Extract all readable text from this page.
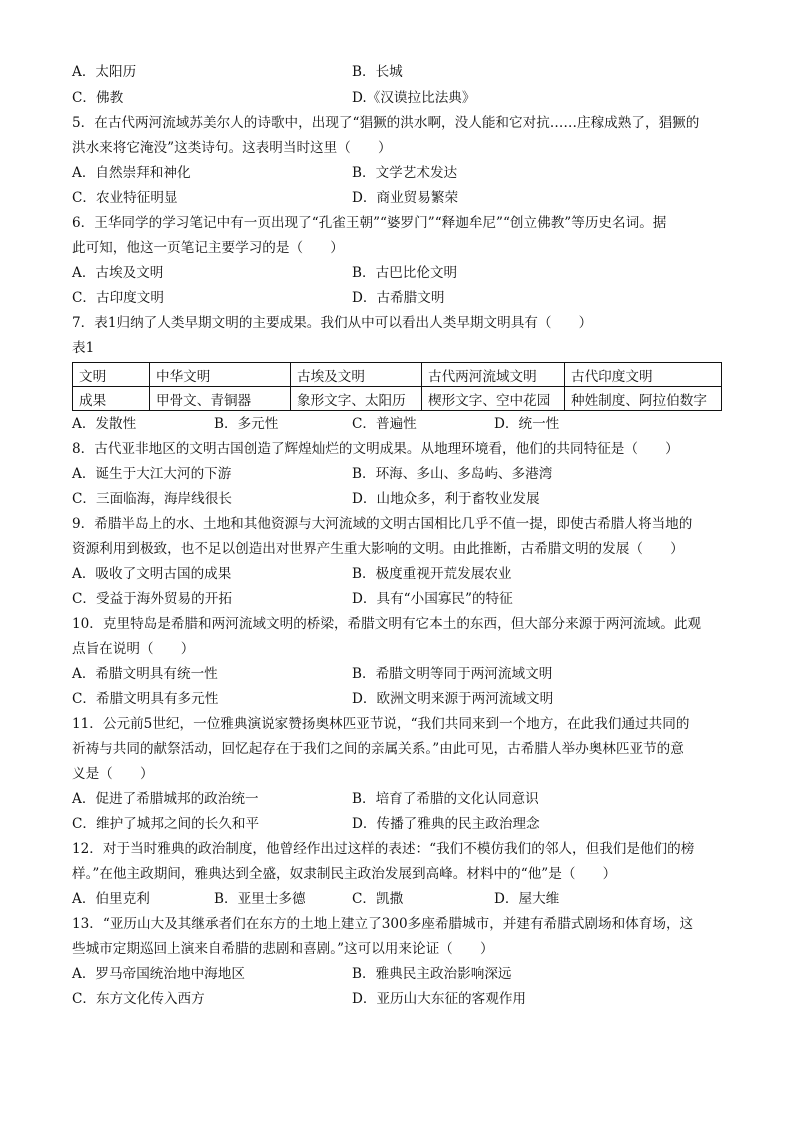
A．太阳历	B．长城
C．佛教	D.《汉谟拉比法典》
5．在古代两河流域苏美尔人的诗歌中，出现了“猖獗的洪水啊，没人能和它对抗……庄稼成熟了，猖獗的
洪水来将它淹没”这类诗句。这表明当时这里（　　）
A．自然崇拜和神化	B．文学艺术发达
C．农业特征明显	D．商业贸易繁荣
6．王华同学的学习笔记中有一页出现了“孔雀王朝”“婆罗门”“释迦牟尼”“创立佛教”等历史名词。据
此可知，他这一页笔记主要学习的是（　　）
A．古埃及文明	B．古巴比伦文明
C．古印度文明	D．古希腊文明
7．表1归纳了人类早期文明的主要成果。我们从中可以看出人类早期文明具有（　　）
表1
文明	中华文明	古埃及文明	古代两河流域文明	古代印度文明
成果	甲骨文、青铜器	象形文字、太阳历	楔形文字、空中花园	种姓制度、阿拉伯数字
A．发散性	B．多元性	C．普遍性	D．统一性
8．古代亚非地区的文明古国创造了辉煌灿烂的文明成果。从地理环境看，他们的共同特征是（　　）
A．诞生于大江大河的下游	B．环海、多山、多岛屿、多港湾
C．三面临海，海岸线很长	D．山地众多，利于畜牧业发展
9．希腊半岛上的水、土地和其他资源与大河流域的文明古国相比几乎不值一提，即使古希腊人将当地的
资源利用到极致，也不足以创造出对世界产生重大影响的文明。由此推断，古希腊文明的发展（　　）
A．吸收了文明古国的成果	B．极度重视开荒发展农业
C．受益于海外贸易的开拓	D．具有“小国寡民”的特征
10．克里特岛是希腊和两河流域文明的桥梁，希腊文明有它本土的东西，但大部分来源于两河流域。此观
点旨在说明（　　）
A．希腊文明具有统一性	B．希腊文明等同于两河流域文明
C．希腊文明具有多元性	D．欧洲文明来源于两河流域文明
11．公元前5世纪，一位雅典演说家赞扬奥林匹亚节说，“我们共同来到一个地方，在此我们通过共同的
祈祷与共同的献祭活动，回忆起存在于我们之间的亲属关系。”由此可见，古希腊人举办奥林匹亚节的意
义是（　　）
A．促进了希腊城邦的政治统一	B．培育了希腊的文化认同意识
C．维护了城邦之间的长久和平	D．传播了雅典的民主政治理念
12．对于当时雅典的政治制度，他曾经作出过这样的表述：“我们不模仿我们的邻人，但我们是他们的榜
样。”在他主政期间，雅典达到全盛，奴隶制民主政治发展到高峰。材料中的“他”是（　　）
A．伯里克利	B．亚里士多德	C．凯撒	D．屋大维
13．“亚历山大及其继承者们在东方的土地上建立了300多座希腊城市，并建有希腊式剧场和体育场，这
些城市定期巡回上演来自希腊的悲剧和喜剧。”这可以用来论证（　　）
A．罗马帝国统治地中海地区	B．雅典民主政治影响深远
C．东方文化传入西方	D．亚历山大东征的客观作用
